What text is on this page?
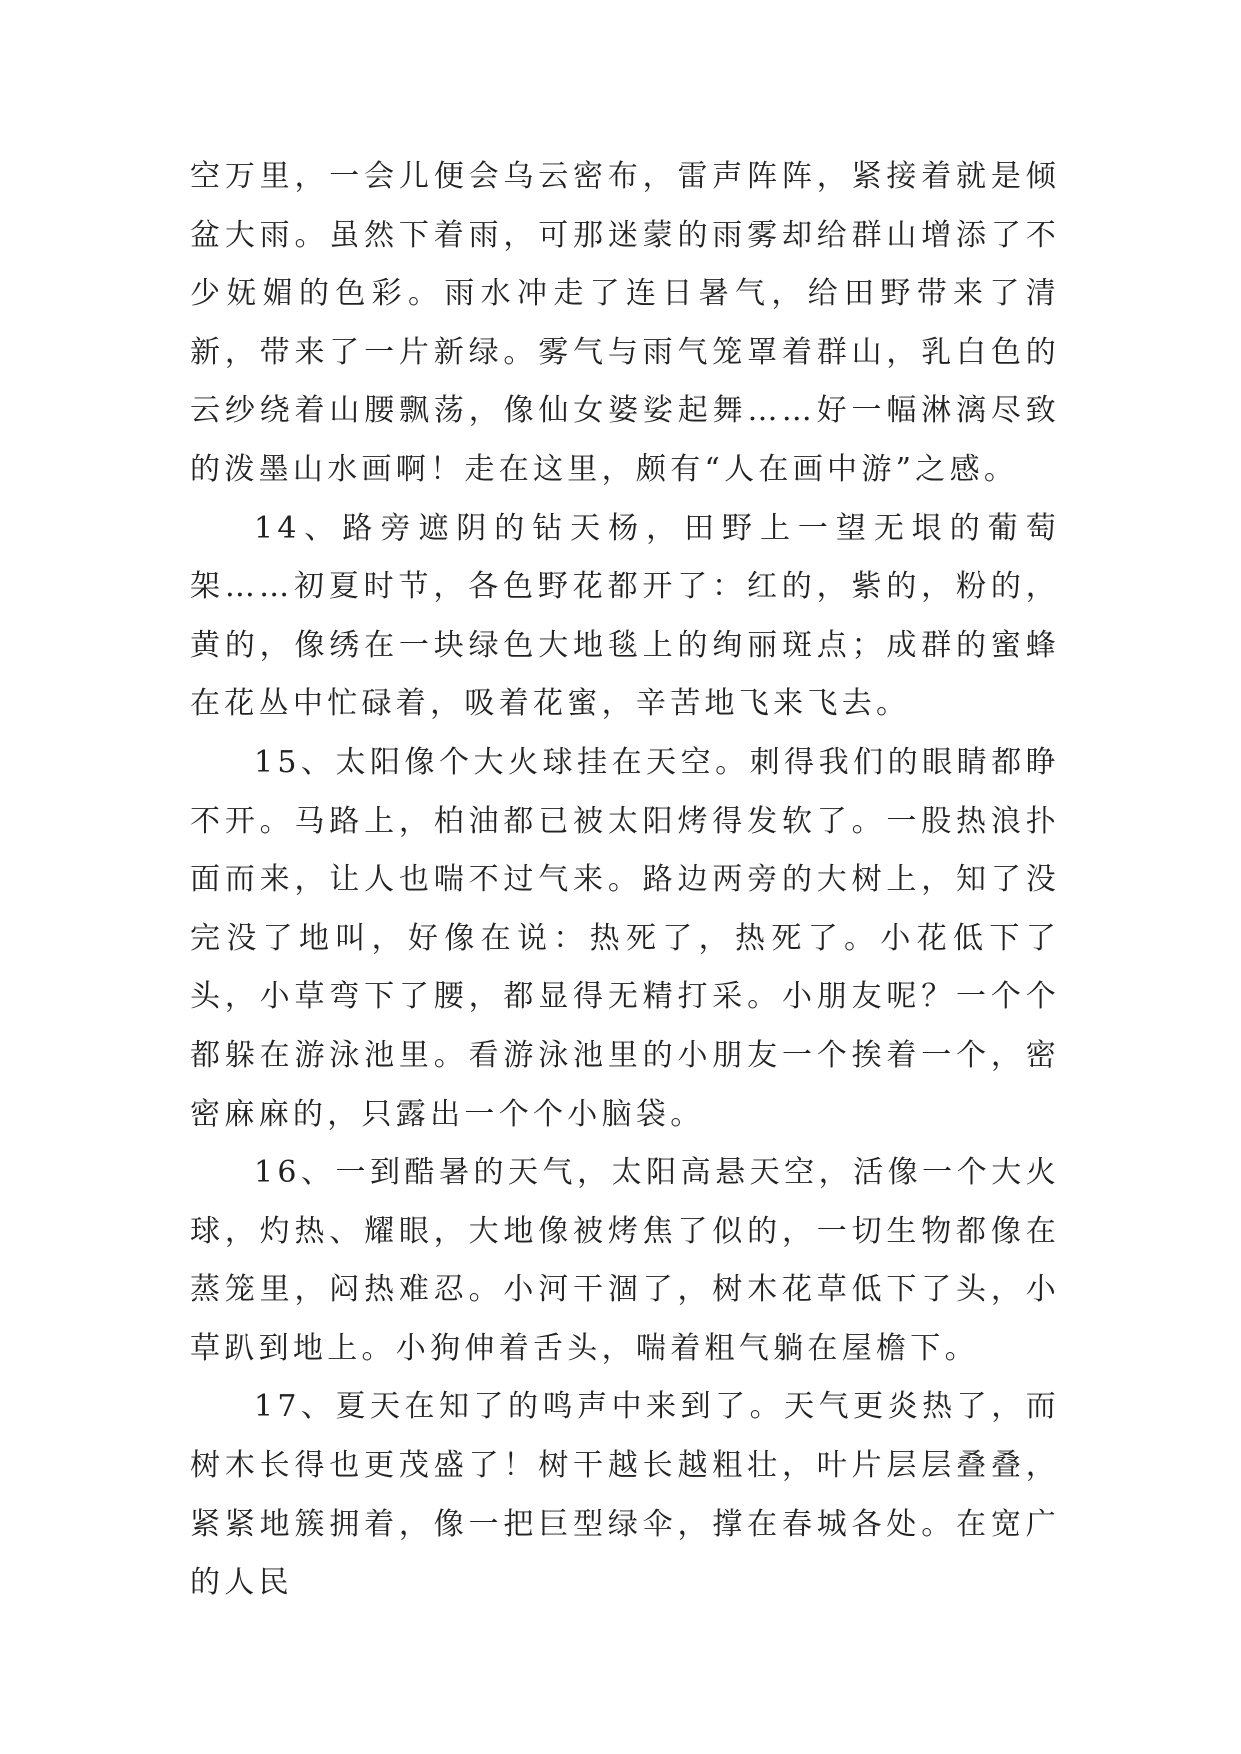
空万里，一会儿便会乌云密布，雷声阵阵，紧接着就是倾盆大雨。虽然下着雨，可那迷蒙的雨雾却给群山增添了不少妩媚的色彩。雨水冲走了连日暑气，给田野带来了清新，带来了一片新绿。雾气与雨气笼罩着群山，乳白色的云纱绕着山腰飘荡，像仙女婆娑起舞……好一幅淋漓尽致的泼墨山水画啊！走在这里，颇有“人在画中游”之感。

14、路旁遮阴的钻天杨，田野上一望无垠的葡萄架……初夏时节，各色野花都开了：红的，紫的，粉的，黄的，像绣在一块绿色大地毯上的绚丽斑点；成群的蜜蜂在花丛中忙碌着，吸着花蜜，辛苦地飞来飞去。

15、太阳像个大火球挂在天空。刺得我们的眼睛都睁不开。马路上，柏油都已被太阳烤得发软了。一股热浪扑面而来，让人也喘不过气来。路边两旁的大树上，知了没完没了地叫，好像在说：热死了，热死了。小花低下了头，小草弯下了腰，都显得无精打采。小朋友呢？一个个都躲在游泳池里。看游泳池里的小朋友一个挨着一个，密密麻麻的，只露出一个个小脑袋。

16、一到酷暑的天气，太阳高悬天空，活像一个大火球，灼热、耀眼，大地像被烤焦了似的，一切生物都像在蒸笼里，闷热难忍。小河干涸了，树木花草低下了头，小草趴到地上。小狗伸着舌头，喘着粗气躺在屋檐下。

17、夏天在知了的鸣声中来到了。天气更炎热了，而树木长得也更茂盛了！树干越长越粗壮，叶片层层叠叠，紧紧地簇拥着，像一把巨型绿伞，撑在春城各处。在宽广的人民
